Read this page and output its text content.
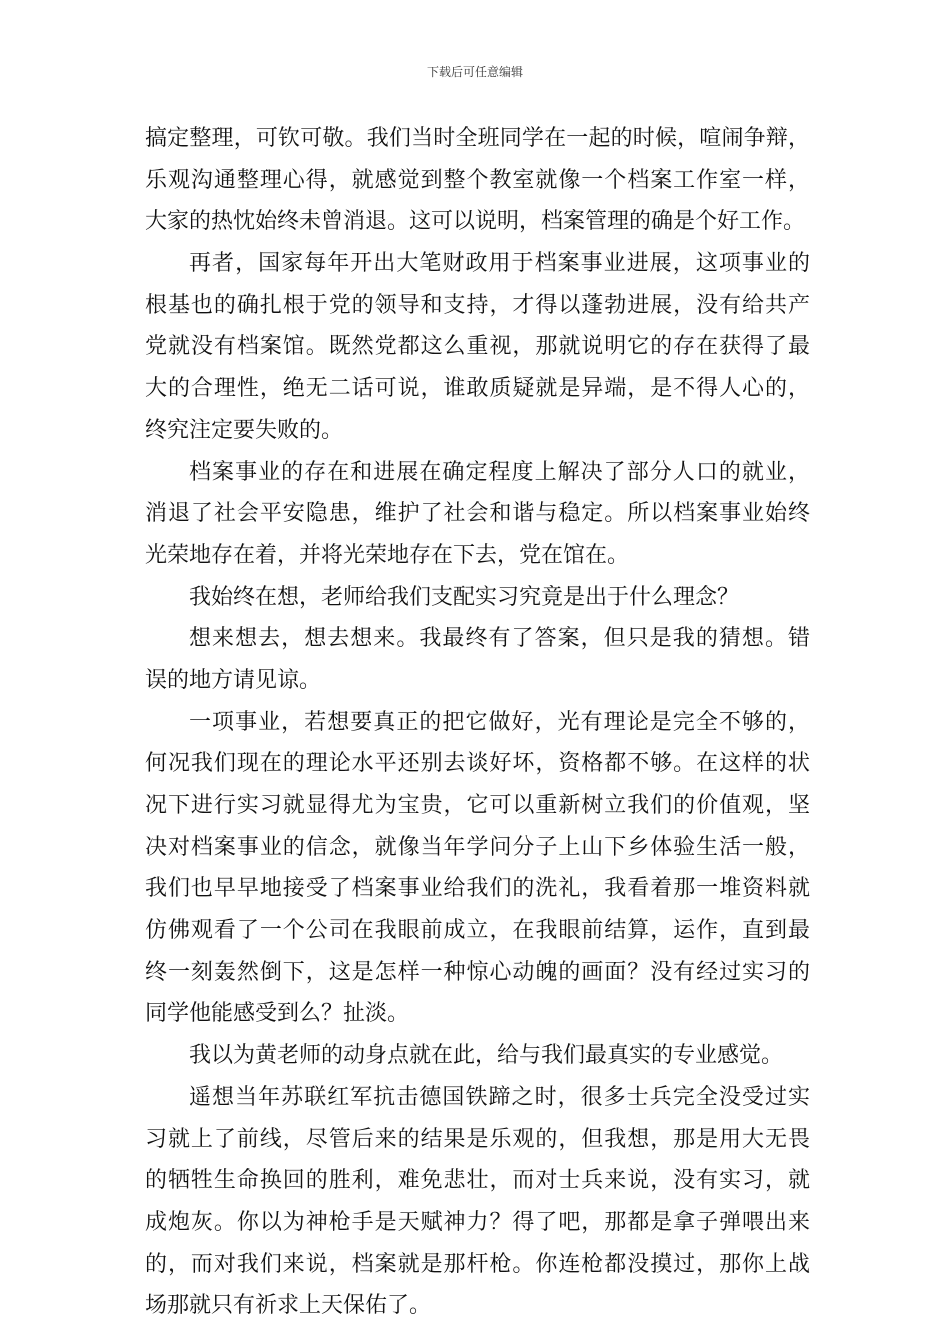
下载后可任意编辑
搞定整理，可钦可敬。我们当时全班同学在一起的时候，喧闹争辩，
乐观沟通整理心得，就感觉到整个教室就像一个档案工作室一样，
大家的热忱始终未曾消退。这可以说明，档案管理的确是个好工作。
再者，国家每年开出大笔财政用于档案事业进展，这项事业的
根基也的确扎根于党的领导和支持，才得以蓬勃进展，没有给共产
党就没有档案馆。既然党都这么重视，那就说明它的存在获得了最
大的合理性，绝无二话可说，谁敢质疑就是异端，是不得人心的，
终究注定要失败的。
档案事业的存在和进展在确定程度上解决了部分人口的就业，
消退了社会平安隐患，维护了社会和谐与稳定。所以档案事业始终
光荣地存在着，并将光荣地存在下去，党在馆在。
我始终在想，老师给我们支配实习究竟是出于什么理念？
想来想去，想去想来。我最终有了答案，但只是我的猜想。错
误的地方请见谅。
一项事业，若想要真正的把它做好，光有理论是完全不够的，
何况我们现在的理论水平还别去谈好坏，资格都不够。在这样的状
况下进行实习就显得尤为宝贵，它可以重新树立我们的价值观，坚
决对档案事业的信念，就像当年学问分子上山下乡体验生活一般，
我们也早早地接受了档案事业给我们的洗礼，我看着那一堆资料就
仿佛观看了一个公司在我眼前成立，在我眼前结算，运作，直到最
终一刻轰然倒下，这是怎样一种惊心动魄的画面？没有经过实习的
同学他能感受到么？扯淡。
我以为黄老师的动身点就在此，给与我们最真实的专业感觉。
遥想当年苏联红军抗击德国铁蹄之时，很多士兵完全没受过实
习就上了前线，尽管后来的结果是乐观的，但我想，那是用大无畏
的牺牲生命换回的胜利，难免悲壮，而对士兵来说，没有实习，就
成炮灰。你以为神枪手是天赋神力？得了吧，那都是拿子弹喂出来
的，而对我们来说，档案就是那杆枪。你连枪都没摸过，那你上战
场那就只有祈求上天保佑了。
